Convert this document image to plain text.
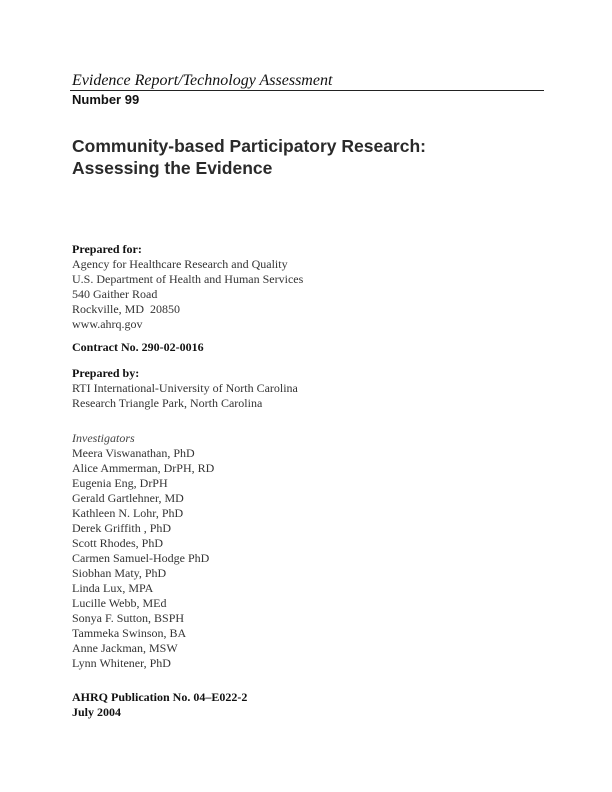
Evidence Report/Technology Assessment
Number 99
Community-based Participatory Research:
Assessing the Evidence
Prepared for:
Agency for Healthcare Research and Quality
U.S. Department of Health and Human Services
540 Gaither Road
Rockville, MD  20850
www.ahrq.gov
Contract No. 290-02-0016
Prepared by:
RTI International-University of North Carolina
Research Triangle Park, North Carolina
Investigators
Meera Viswanathan, PhD
Alice Ammerman, DrPH, RD
Eugenia Eng, DrPH
Gerald Gartlehner, MD
Kathleen N. Lohr, PhD
Derek Griffith , PhD
Scott Rhodes, PhD
Carmen Samuel-Hodge PhD
Siobhan Maty, PhD
Linda Lux, MPA
Lucille Webb, MEd
Sonya F. Sutton, BSPH
Tammeka Swinson, BA
Anne Jackman, MSW
Lynn Whitener, PhD
AHRQ Publication No. 04–E022-2
July 2004
